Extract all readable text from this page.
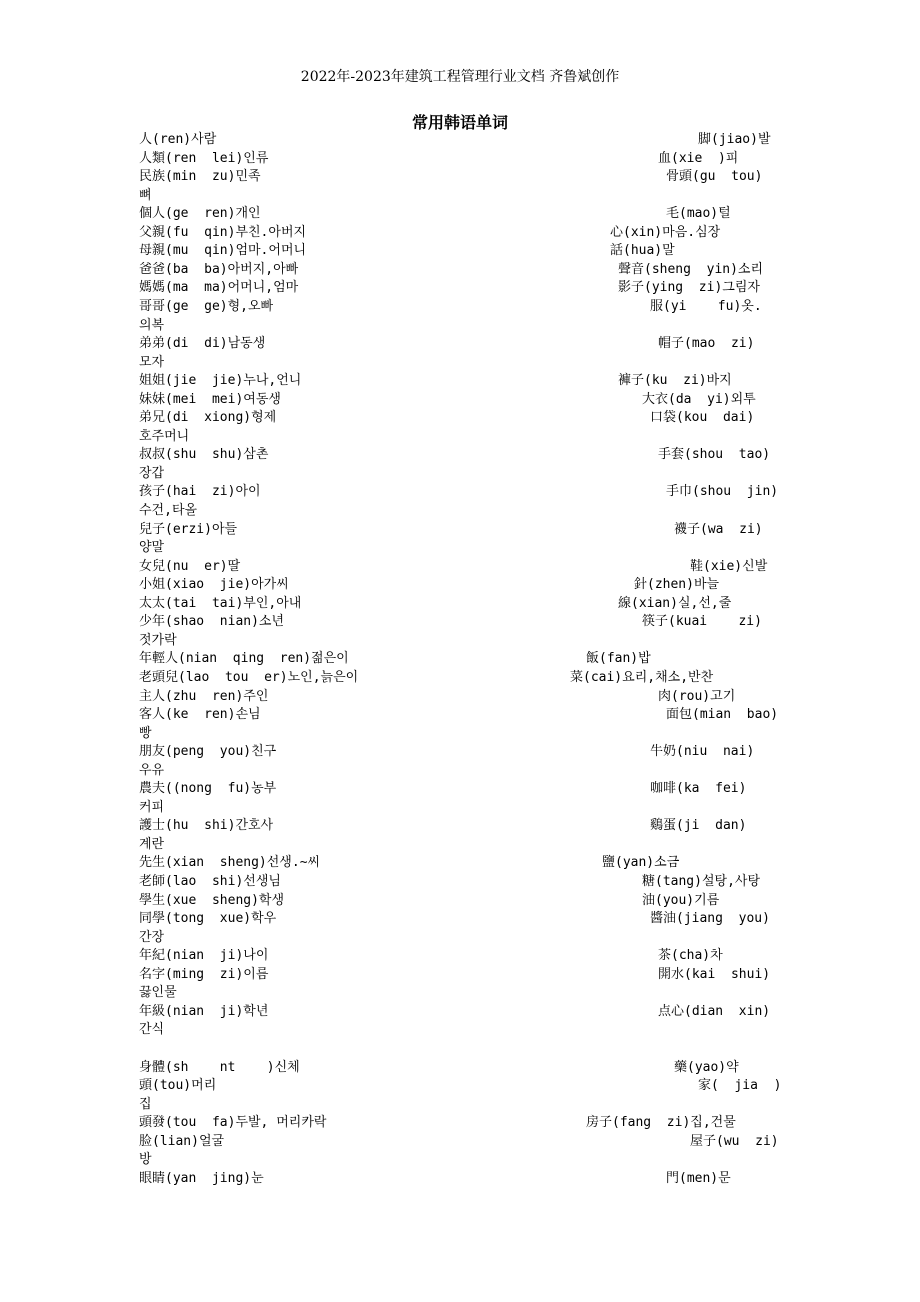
2022年-2023年建筑工程管理行业文档 齐鲁斌创作
常用韩语单词
人(ren)사람	脚(jiao)발
人類(ren  lei)인류	血(xie  )피
民族(min  zu)민족	骨頭(gu  tou)
뼈
個人(ge  ren)개인	毛(mao)털
父親(fu  qin)부친.아버지	心(xin)마음.심장
母親(mu  qin)엄마.어머니	話(hua)말
爸爸(ba  ba)아버지,아빠	聲音(sheng  yin)소리
媽媽(ma  ma)어머니,엄마	影子(ying  zi)그림자
哥哥(ge  ge)형,오빠	服(yi    fu)옷.
의복
弟弟(di  di)남동생	帽子(mao  zi)
모자
姐姐(jie  jie)누나,언니	褲子(ku  zi)바지
妹妹(mei  mei)여동생	大衣(da  yi)외투
弟兄(di  xiong)형제	口袋(kou  dai)
호주머니
叔叔(shu  shu)삼촌	手套(shou  tao)
장갑
孩子(hai  zi)아이	手巾(shou  jin)
수건,타올
兒子(erzi)아들	襪子(wa  zi)
양말
女兒(nu  er)딸	鞋(xie)신발
小姐(xiao  jie)아가씨	針(zhen)바늘
太太(tai  tai)부인,아내	線(xian)실,선,줄
少年(shao  nian)소년	筷子(kuai    zi)
젓가락
年輕人(nian  qing  ren)젊은이	飯(fan)밥
老頭兒(lao  tou  er)노인,늙은이	菜(cai)요리,채소,반찬
主人(zhu  ren)주인	肉(rou)고기
客人(ke  ren)손님	面包(mian  bao)
빵
朋友(peng  you)친구	牛奶(niu  nai)
우유
農夫((nong  fu)농부	咖啡(ka  fei)
커피
護士(hu  shi)간호사	鷄蛋(ji  dan)
계란
先生(xian  sheng)선생.~씨	鹽(yan)소금
老師(lao  shi)선생님	糖(tang)설탕,사탕
學生(xue  sheng)학생	油(you)기름
同學(tong  xue)학우	醬油(jiang  you)
간장
年紀(nian  ji)나이	茶(cha)차
名字(ming  zi)이름	開水(kai  shui)
끓인물
年級(nian  ji)학년	点心(dian  xin)
간식
身體(sh    nt    )신체	藥(yao)약
頭(tou)머리	家(  jia  )
집
頭發(tou  fa)두발, 머리카락	房子(fang  zi)집,건물
脸(lian)얼굴	屋子(wu  zi)
방
眼睛(yan  jing)눈	門(men)문
